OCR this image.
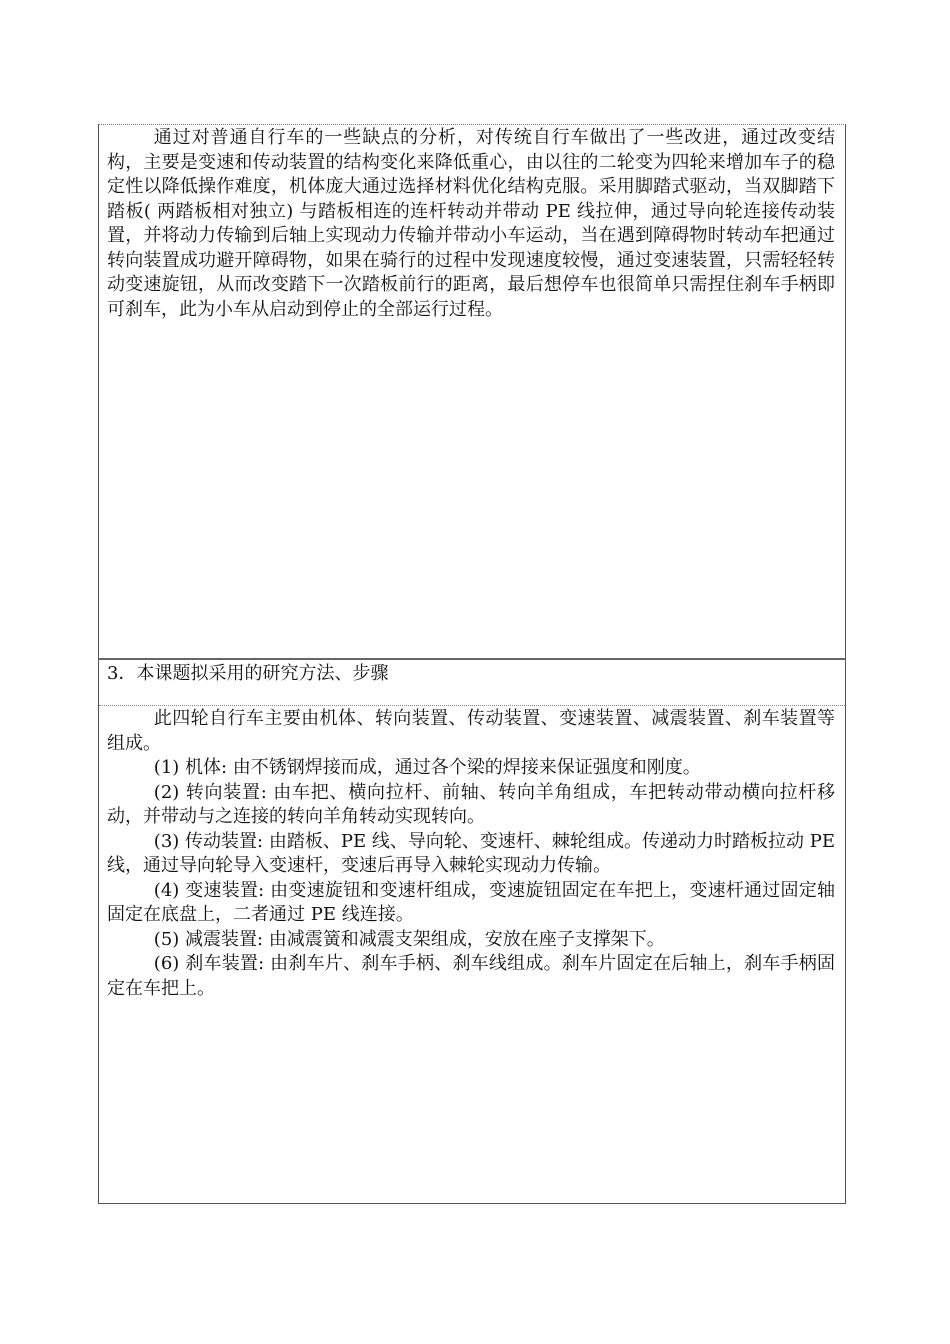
通过对普通自行车的一些缺点的分析，对传统自行车做出了一些改进，通过改变结构，主要是变速和传动装置的结构变化来降低重心，由以往的二轮变为四轮来增加车子的稳定性以降低操作难度，机体庞大通过选择材料优化结构克服。采用脚踏式驱动，当双脚踏下踏板( 两踏板相对独立) 与踏板相连的连杆转动并带动 PE 线拉伸，通过导向轮连接传动装置，并将动力传输到后轴上实现动力传输并带动小车运动，当在遇到障碍物时转动车把通过转向装置成功避开障碍物，如果在骑行的过程中发现速度较慢，通过变速装置，只需轻轻转动变速旋钮，从而改变踏下一次踏板前行的距离，最后想停车也很简单只需捏住刹车手柄即可刹车，此为小车从启动到停止的全部运行过程。

3．本课题拟采用的研究方法、步骤

此四轮自行车主要由机体、转向装置、传动装置、变速装置、减震装置、刹车装置等组成。

(1) 机体: 由不锈钢焊接而成，通过各个梁的焊接来保证强度和刚度。

(2) 转向装置: 由车把、横向拉杆、前轴、转向羊角组成，车把转动带动横向拉杆移动，并带动与之连接的转向羊角转动实现转向。

(3) 传动装置: 由踏板、PE 线、导向轮、变速杆、棘轮组成。传递动力时踏板拉动 PE 线，通过导向轮导入变速杆，变速后再导入棘轮实现动力传输。

(4) 变速装置: 由变速旋钮和变速杆组成，变速旋钮固定在车把上，变速杆通过固定轴固定在底盘上，二者通过 PE 线连接。

(5) 减震装置: 由减震簧和减震支架组成，安放在座子支撑架下。

(6) 刹车装置: 由刹车片、刹车手柄、刹车线组成。刹车片固定在后轴上，刹车手柄固定在车把上。
